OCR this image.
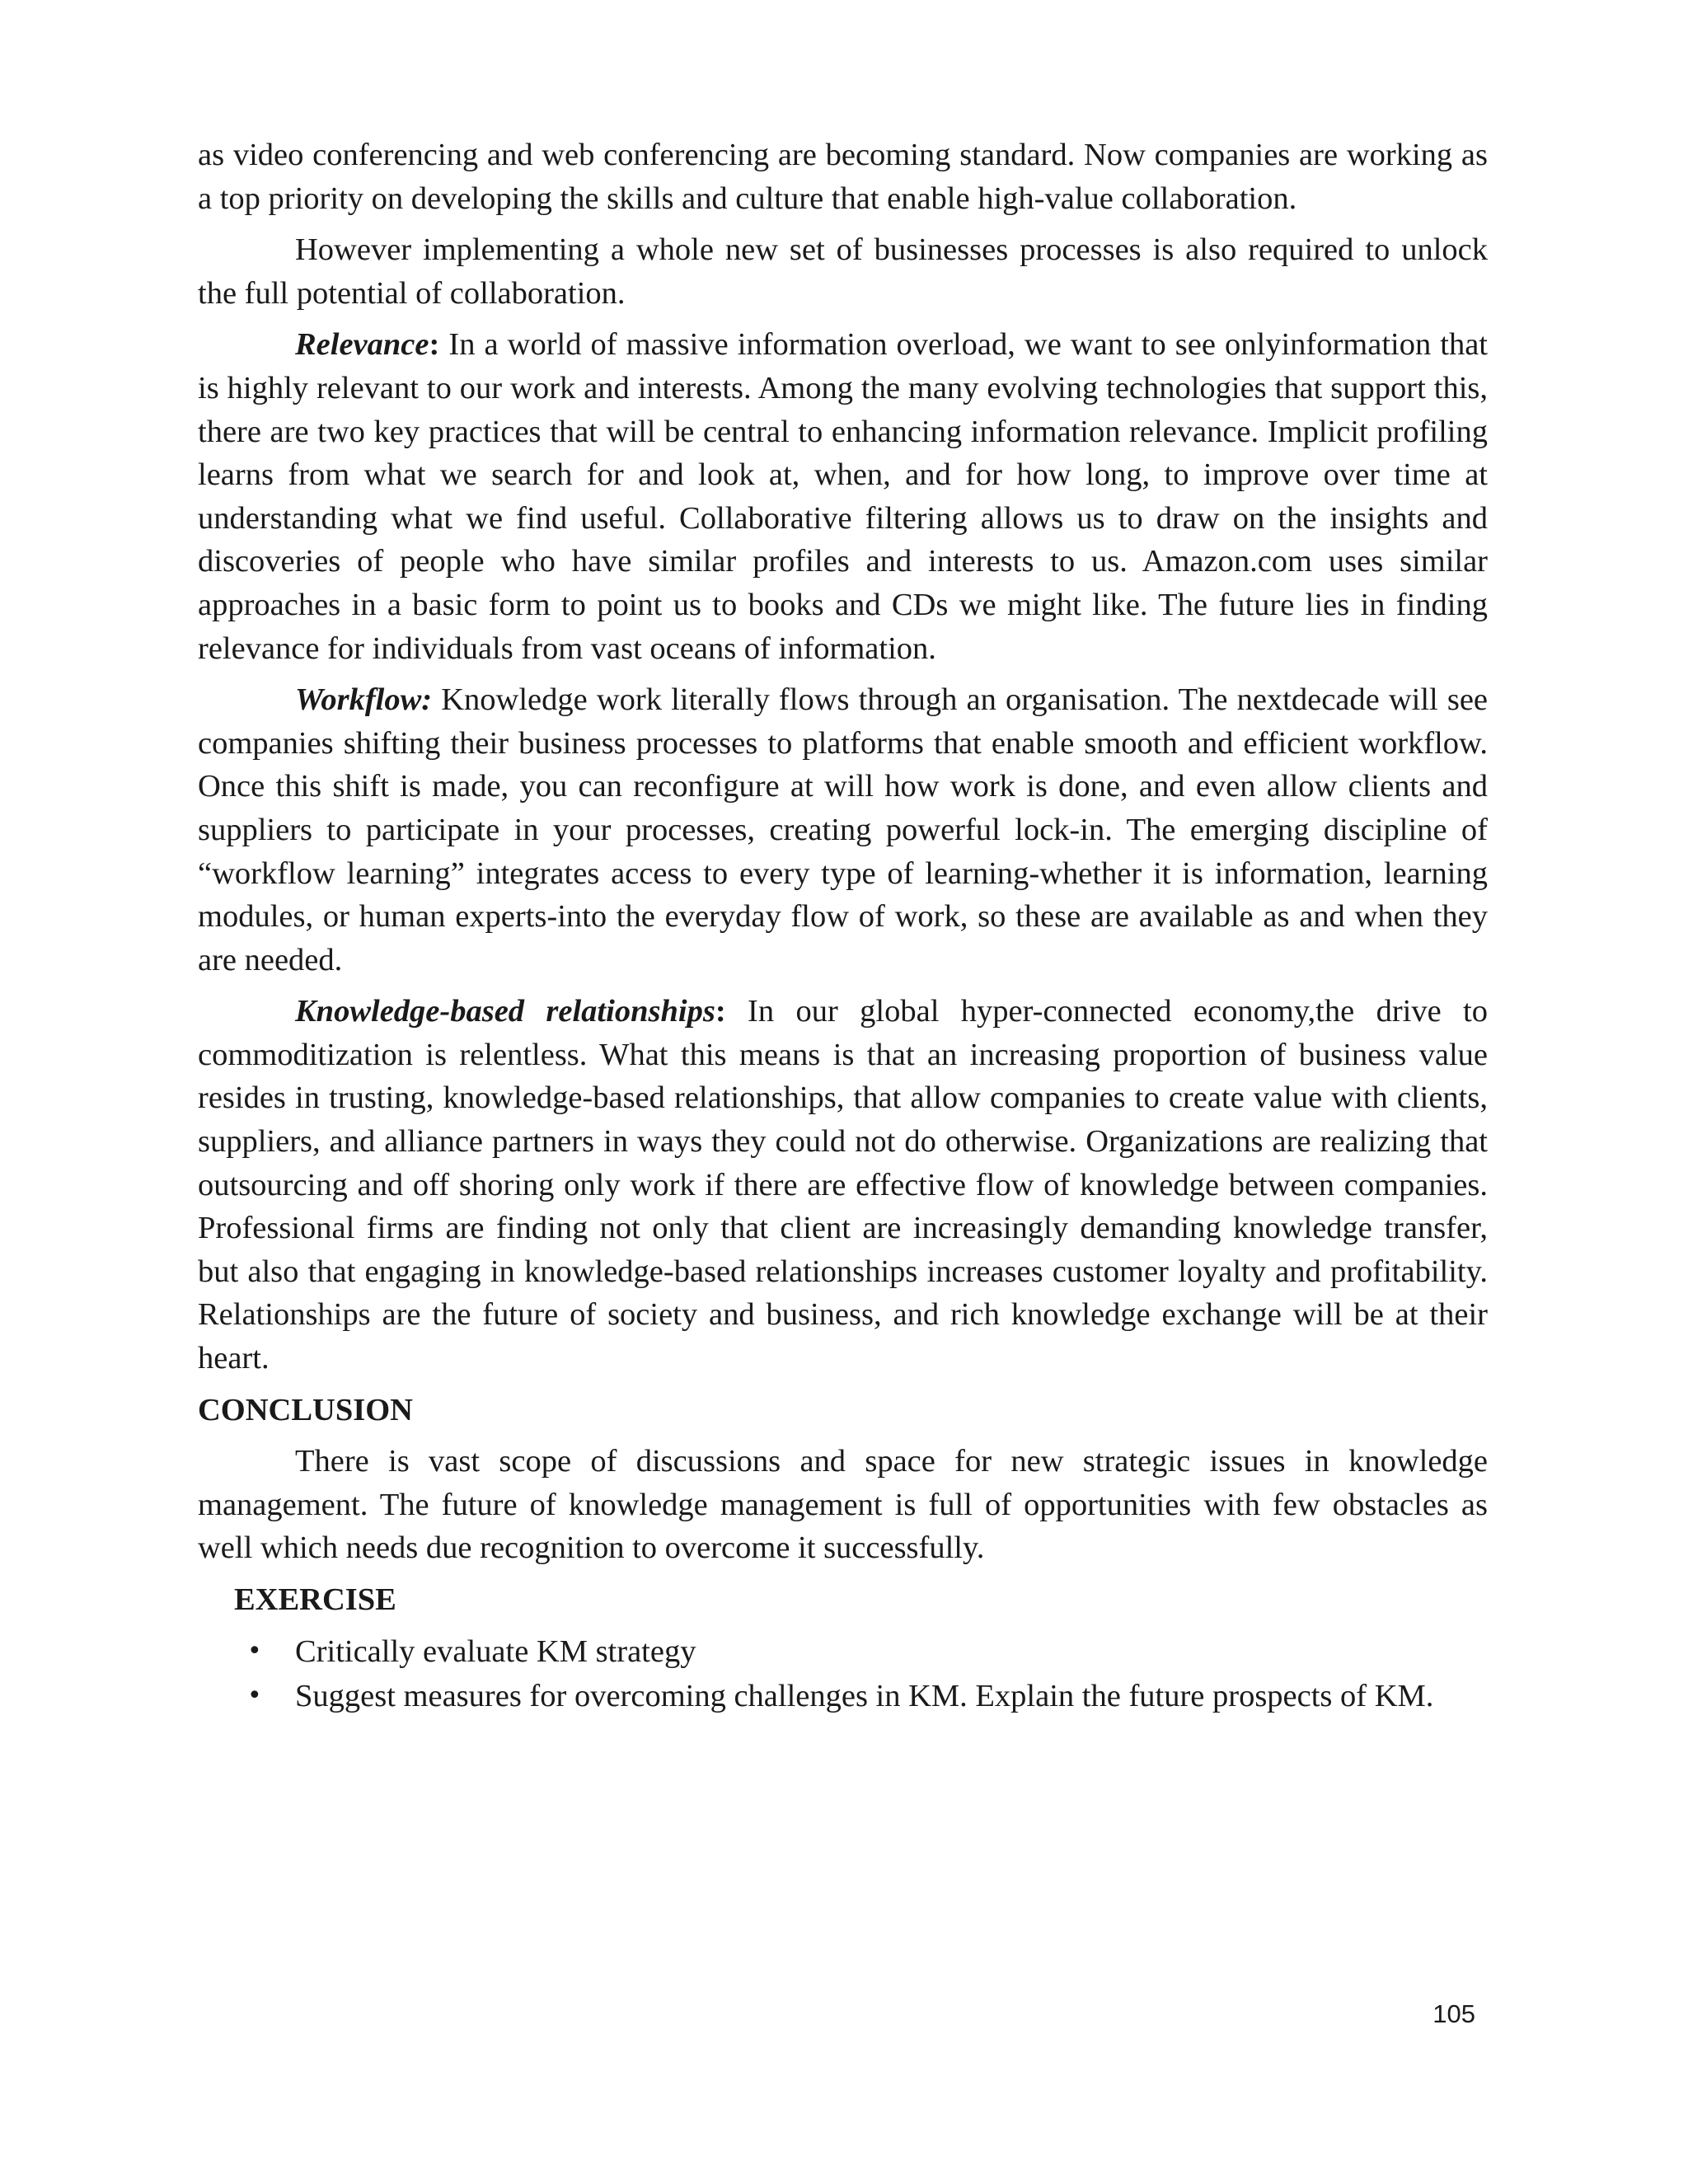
as video conferencing and web conferencing are becoming standard. Now companies are working as a top priority on developing the skills and culture that enable high-value collaboration.

However implementing a whole new set of businesses processes is also required to unlock the full potential of collaboration.

Relevance: In a world of massive information overload, we want to see onlyinformation that is highly relevant to our work and interests. Among the many evolving technologies that support this, there are two key practices that will be central to enhancing information relevance. Implicit profiling learns from what we search for and look at, when, and for how long, to improve over time at understanding what we find useful. Collaborative filtering allows us to draw on the insights and discoveries of people who have similar profiles and interests to us. Amazon.com uses similar approaches in a basic form to point us to books and CDs we might like. The future lies in finding relevance for individuals from vast oceans of information.

Workflow: Knowledge work literally flows through an organisation. The nextdecade will see companies shifting their business processes to platforms that enable smooth and efficient workflow. Once this shift is made, you can reconfigure at will how work is done, and even allow clients and suppliers to participate in your processes, creating powerful lock-in. The emerging discipline of “workflow learning” integrates access to every type of learning-whether it is information, learning modules, or human experts-into the everyday flow of work, so these are available as and when they are needed.

Knowledge-based relationships: In our global hyper-connected economy,the drive to commoditization is relentless. What this means is that an increasing proportion of business value resides in trusting, knowledge-based relationships, that allow companies to create value with clients, suppliers, and alliance partners in ways they could not do otherwise. Organizations are realizing that outsourcing and off shoring only work if there are effective flow of knowledge between companies. Professional firms are finding not only that client are increasingly demanding knowledge transfer, but also that engaging in knowledge-based relationships increases customer loyalty and profitability. Relationships are the future of society and business, and rich knowledge exchange will be at their heart.

CONCLUSION

There is vast scope of discussions and space for new strategic issues in knowledge management. The future of knowledge management is full of opportunities with few obstacles as well which needs due recognition to overcome it successfully.

EXERCISE
• Critically evaluate KM strategy
• Suggest measures for overcoming challenges in KM. Explain the future prospects of KM.
105
